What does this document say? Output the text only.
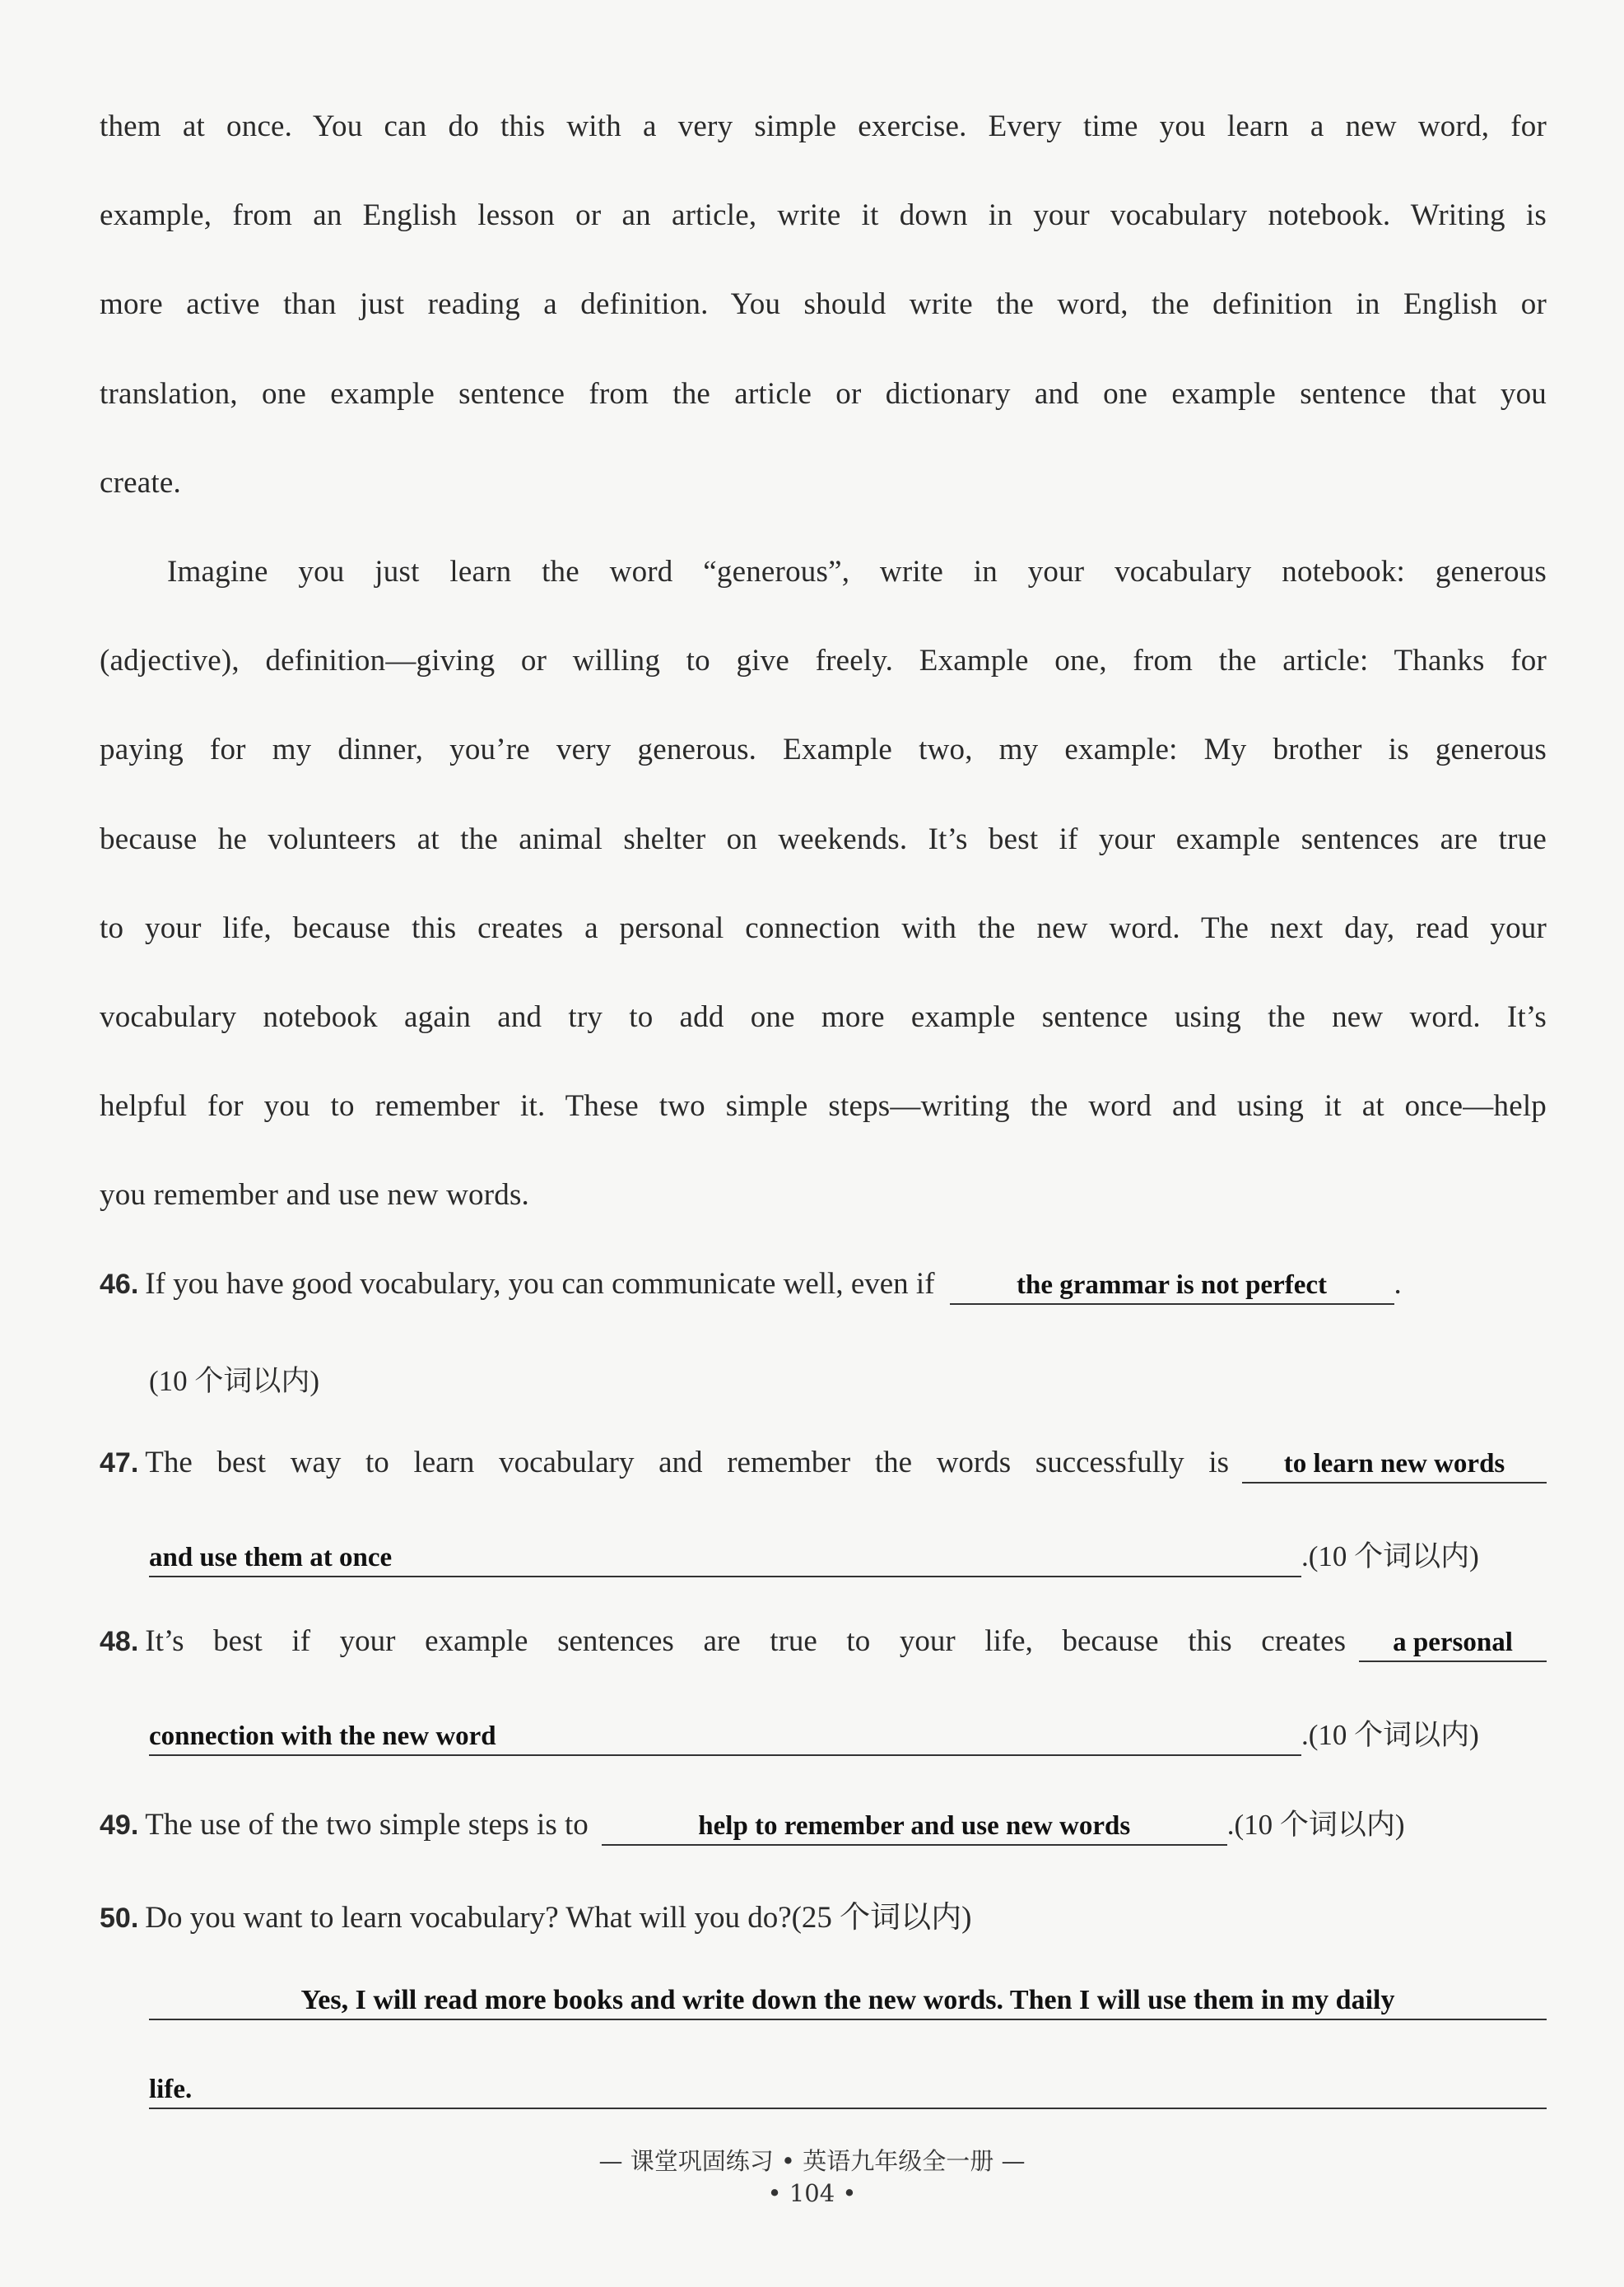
them at once. You can do this with a very simple exercise. Every time you learn a new word, for
example, from an English lesson or an article, write it down in your vocabulary notebook. Writing is
more active than just reading a definition. You should write the word, the definition in English or
translation, one example sentence from the article or dictionary and one example sentence that you
create.
Imagine you just learn the word “generous”, write in your vocabulary notebook: generous
(adjective), definition—giving or willing to give freely. Example one, from the article: Thanks for
paying for my dinner, you’re very generous. Example two, my example: My brother is generous
because he volunteers at the animal shelter on weekends. It’s best if your example sentences are true
to your life, because this creates a personal connection with the new word. The next day, read your
vocabulary notebook again and try to add one more example sentence using the new word. It’s
helpful for you to remember it. These two simple steps—writing the word and using it at once—help
you remember and use new words.
46. If you have good vocabulary, you can communicate well, even if	the grammar is not perfect	.
(10 个词以内)
47. The best way to learn vocabulary and remember the words successfully is	to learn new words
and use them at once	.(10 个词以内)
48. It’s best if your example sentences are true to your life, because this creates	a personal
connection with the new word	.(10 个词以内)
49. The use of the two simple steps is to	help to remember and use new words	.(10 个词以内)
50. Do you want to learn vocabulary? What will you do?(25 个词以内)
Yes, I will read more books and write down the new words. Then I will use them in my daily
life.
— 课堂巩固练习 • 英语九年级全一册 —
• 104 •
